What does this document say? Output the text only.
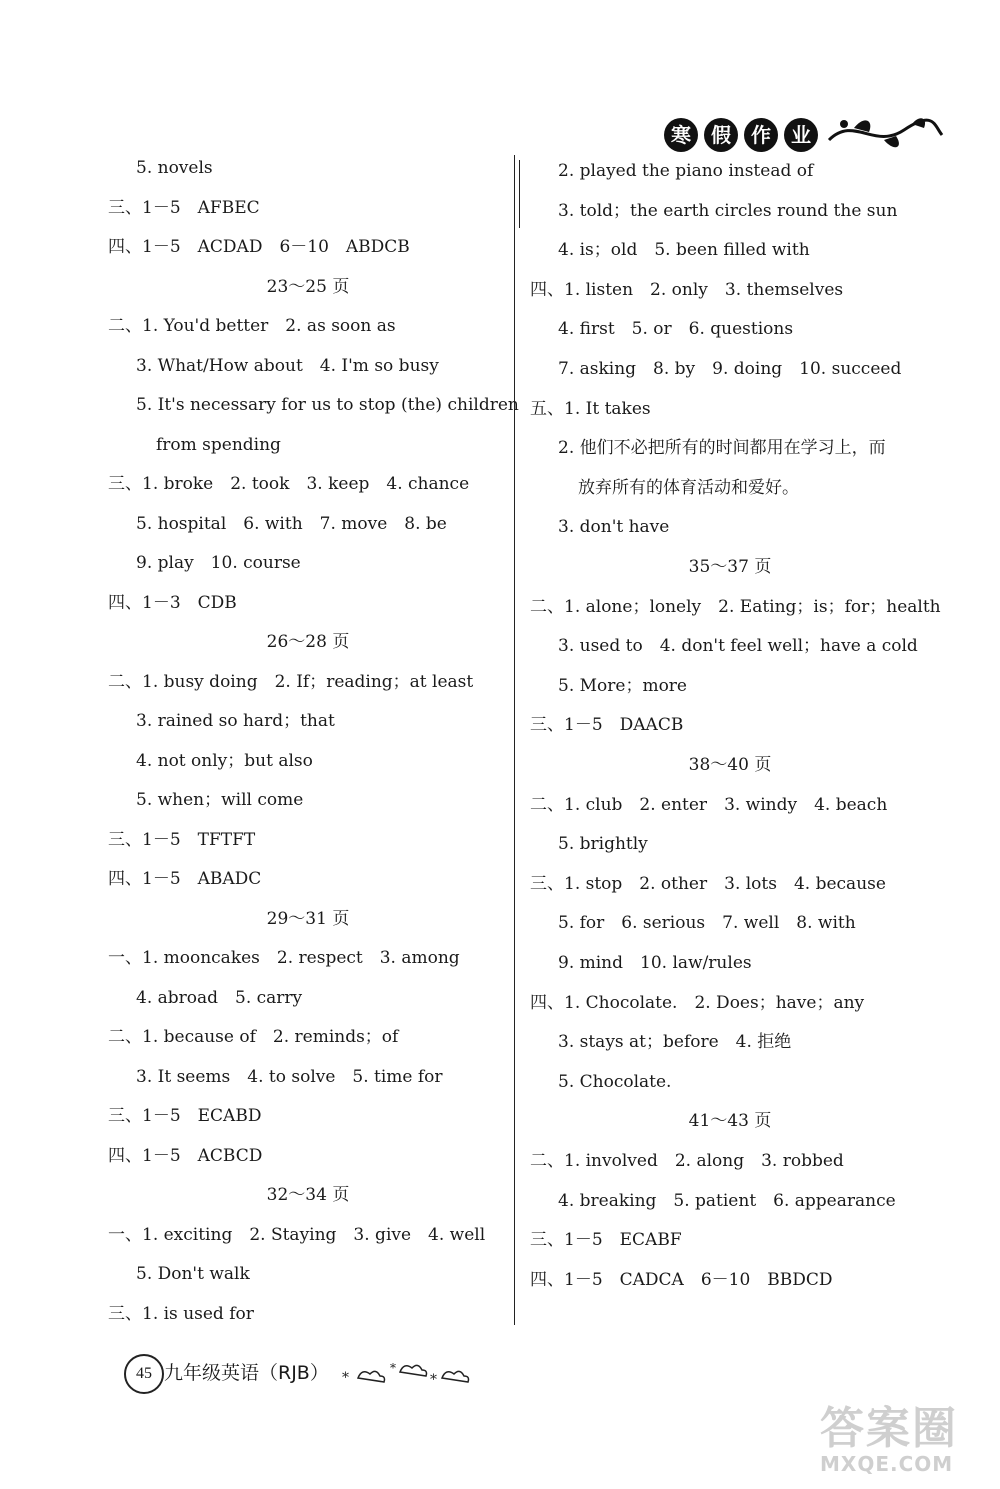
寒	假	作	业
5. novels
三、1－5　AFBEC
四、1－5　ACDAD　6－10　ABDCB
23～25 页
二、1. You'd better　2. as soon as
3. What/How about　4. I'm so busy
5. It's necessary for us to stop (the) children
from spending
三、1. broke　2. took　3. keep　4. chance
5. hospital　6. with　7. move　8. be
9. play　10. course
四、1－3　CDB
26～28 页
二、1. busy doing　2. If；reading；at least
3. rained so hard；that
4. not only；but also
5. when；will come
三、1－5　TFTFT
四、1－5　ABADC
29～31 页
一、1. mooncakes　2. respect　3. among
4. abroad　5. carry
二、1. because of　2. reminds；of
3. It seems　4. to solve　5. time for
三、1－5　ECABD
四、1－5　ACBCD
32～34 页
一、1. exciting　2. Staying　3. give　4. well
5. Don't walk
三、1. is used for
2. played the piano instead of
3. told；the earth circles round the sun
4. is；old　5. been filled with
四、1. listen　2. only　3. themselves
4. first　5. or　6. questions
7. asking　8. by　9. doing　10. succeed
五、1. It takes
2. 他们不必把所有的时间都用在学习上，而
放弃所有的体育活动和爱好。
3. don't have
35～37 页
二、1. alone；lonely　2. Eating；is；for；health
3. used to　4. don't feel well；have a cold
5. More；more
三、1－5　DAACB
38～40 页
二、1. club　2. enter　3. windy　4. beach
5. brightly
三、1. stop　2. other　3. lots　4. because
5. for　6. serious　7. well　8. with
9. mind　10. law/rules
四、1. Chocolate.　2. Does；have；any
3. stays at；before　4. 拒绝
5. Chocolate.
41～43 页
二、1. involved　2. along　3. robbed
4. breaking　5. patient　6. appearance
三、1－5　ECABF
四、1－5　CADCA　6－10　BBDCD
45 九年级英语（RJB） *
*
*
答案圈
MXQE.COM
